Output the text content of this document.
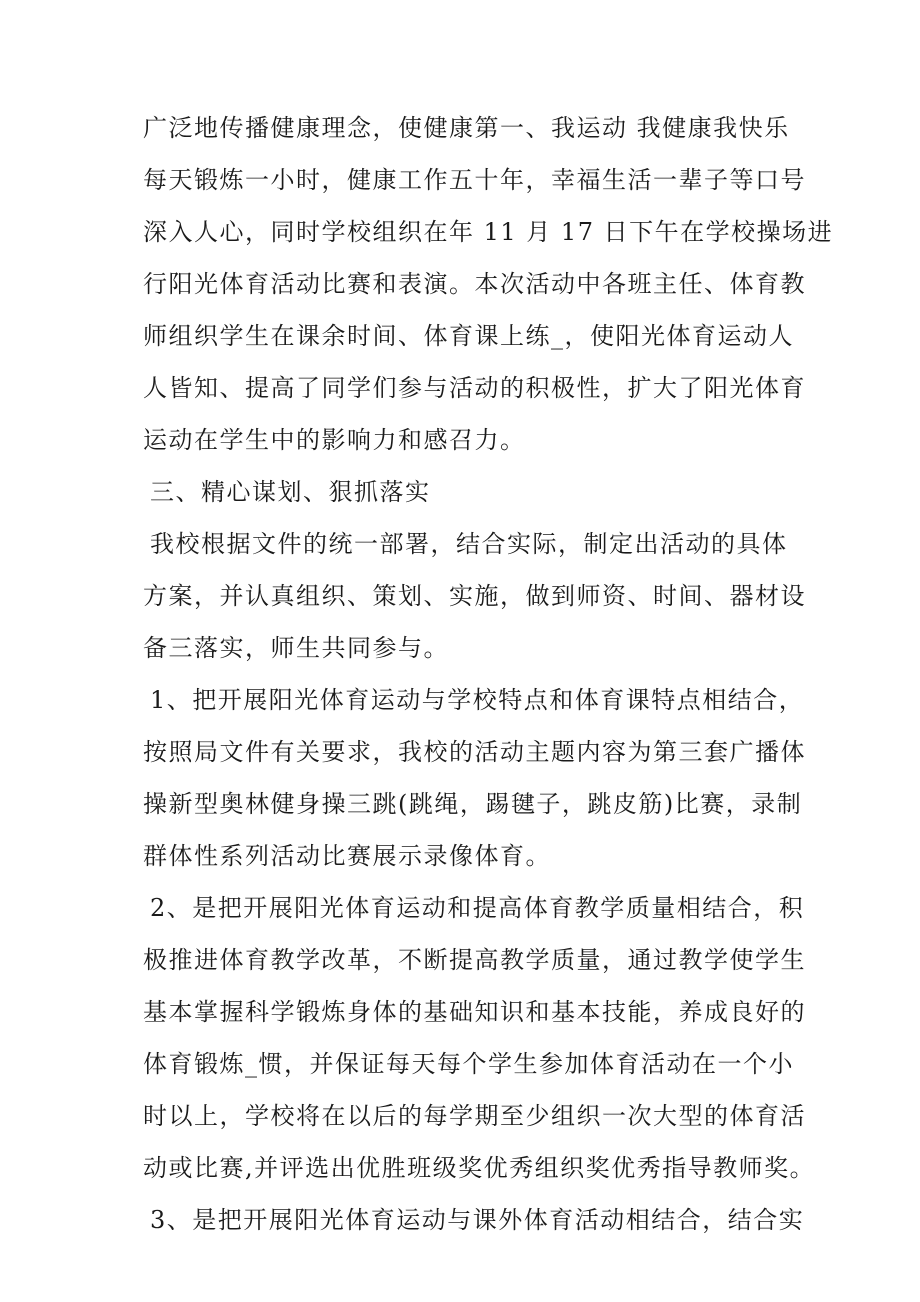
广泛地传播健康理念，使健康第一、我运动 我健康我快乐
每天锻炼一小时，健康工作五十年，幸福生活一辈子等口号
深入人心，同时学校组织在年 11 月 17 日下午在学校操场进
行阳光体育活动比赛和表演。本次活动中各班主任、体育教
师组织学生在课余时间、体育课上练_，使阳光体育运动人
人皆知、提高了同学们参与活动的积极性，扩大了阳光体育
运动在学生中的影响力和感召力。
三、精心谋划、狠抓落实
我校根据文件的统一部署，结合实际，制定出活动的具体
方案，并认真组织、策划、实施，做到师资、时间、器材设
备三落实，师生共同参与。
1、把开展阳光体育运动与学校特点和体育课特点相结合，
按照局文件有关要求，我校的活动主题内容为第三套广播体
操新型奥林健身操三跳(跳绳，踢毽子，跳皮筋)比赛，录制
群体性系列活动比赛展示录像体育。
2、是把开展阳光体育运动和提高体育教学质量相结合，积
极推进体育教学改革，不断提高教学质量，通过教学使学生
基本掌握科学锻炼身体的基础知识和基本技能，养成良好的
体育锻炼_惯，并保证每天每个学生参加体育活动在一个小
时以上，学校将在以后的每学期至少组织一次大型的体育活
动或比赛,并评选出优胜班级奖优秀组织奖优秀指导教师奖。
3、是把开展阳光体育运动与课外体育活动相结合，结合实
